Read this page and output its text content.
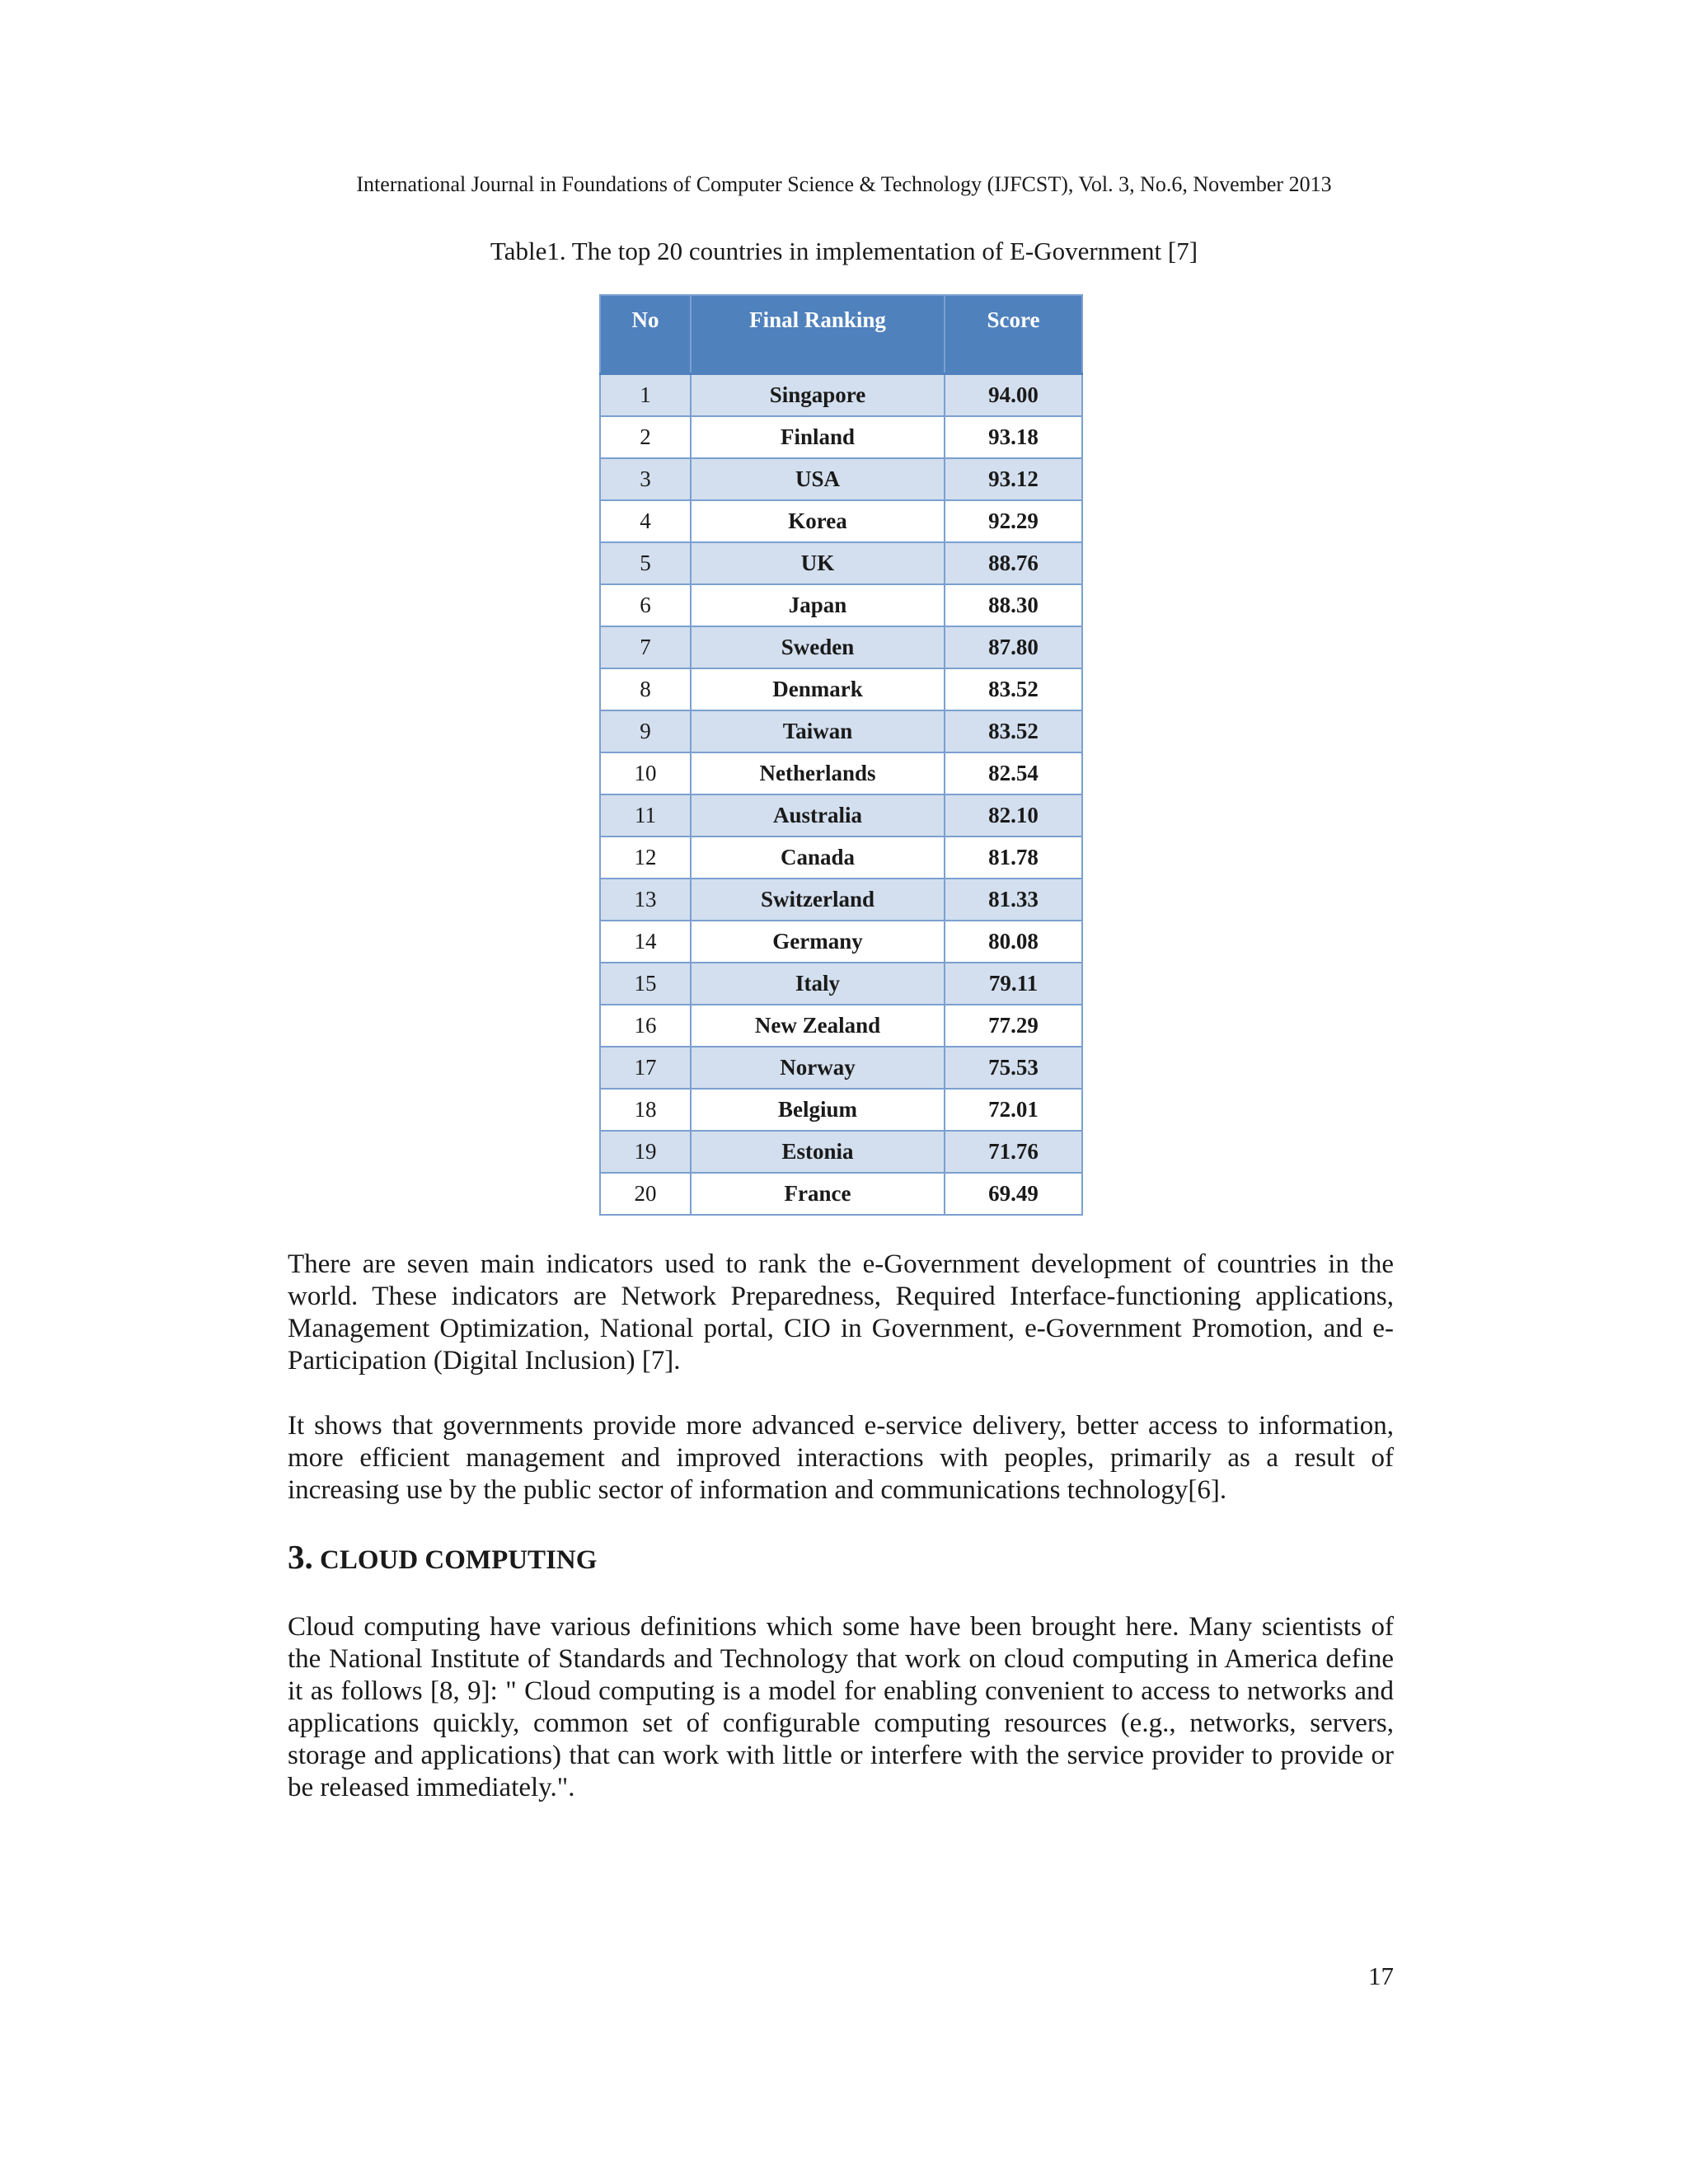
International Journal in Foundations of Computer Science & Technology (IJFCST), Vol. 3, No.6, November 2013
Table1. The top 20 countries in implementation of E-Government [7]
No	Final Ranking	Score
1	Singapore	94.00
2	Finland	93.18
3	USA	93.12
4	Korea	92.29
5	UK	88.76
6	Japan	88.30
7	Sweden	87.80
8	Denmark	83.52
9	Taiwan	83.52
10	Netherlands	82.54
11	Australia	82.10
12	Canada	81.78
13	Switzerland	81.33
14	Germany	80.08
15	Italy	79.11
16	New Zealand	77.29
17	Norway	75.53
18	Belgium	72.01
19	Estonia	71.76
20	France	69.49

There are seven main indicators used to rank the e-Government development of countries in the world. These indicators are Network Preparedness, Required Interface-functioning applications, Management Optimization, National portal, CIO in Government, e-Government Promotion, and e-Participation (Digital Inclusion) [7].

It shows that governments provide more advanced e-service delivery, better access to information, more efficient management and improved interactions with peoples, primarily as a result of increasing use by the public sector of information and communications technology[6].

3. CLOUD COMPUTING

Cloud computing have various definitions which some have been brought here. Many scientists of the National Institute of Standards and Technology that work on cloud computing in America define it as follows [8, 9]: " Cloud computing is a model for enabling convenient to access to networks and applications quickly, common set of configurable computing resources (e.g., networks, servers, storage and applications) that can work with little or interfere with the service provider to provide or be released immediately.".

17
